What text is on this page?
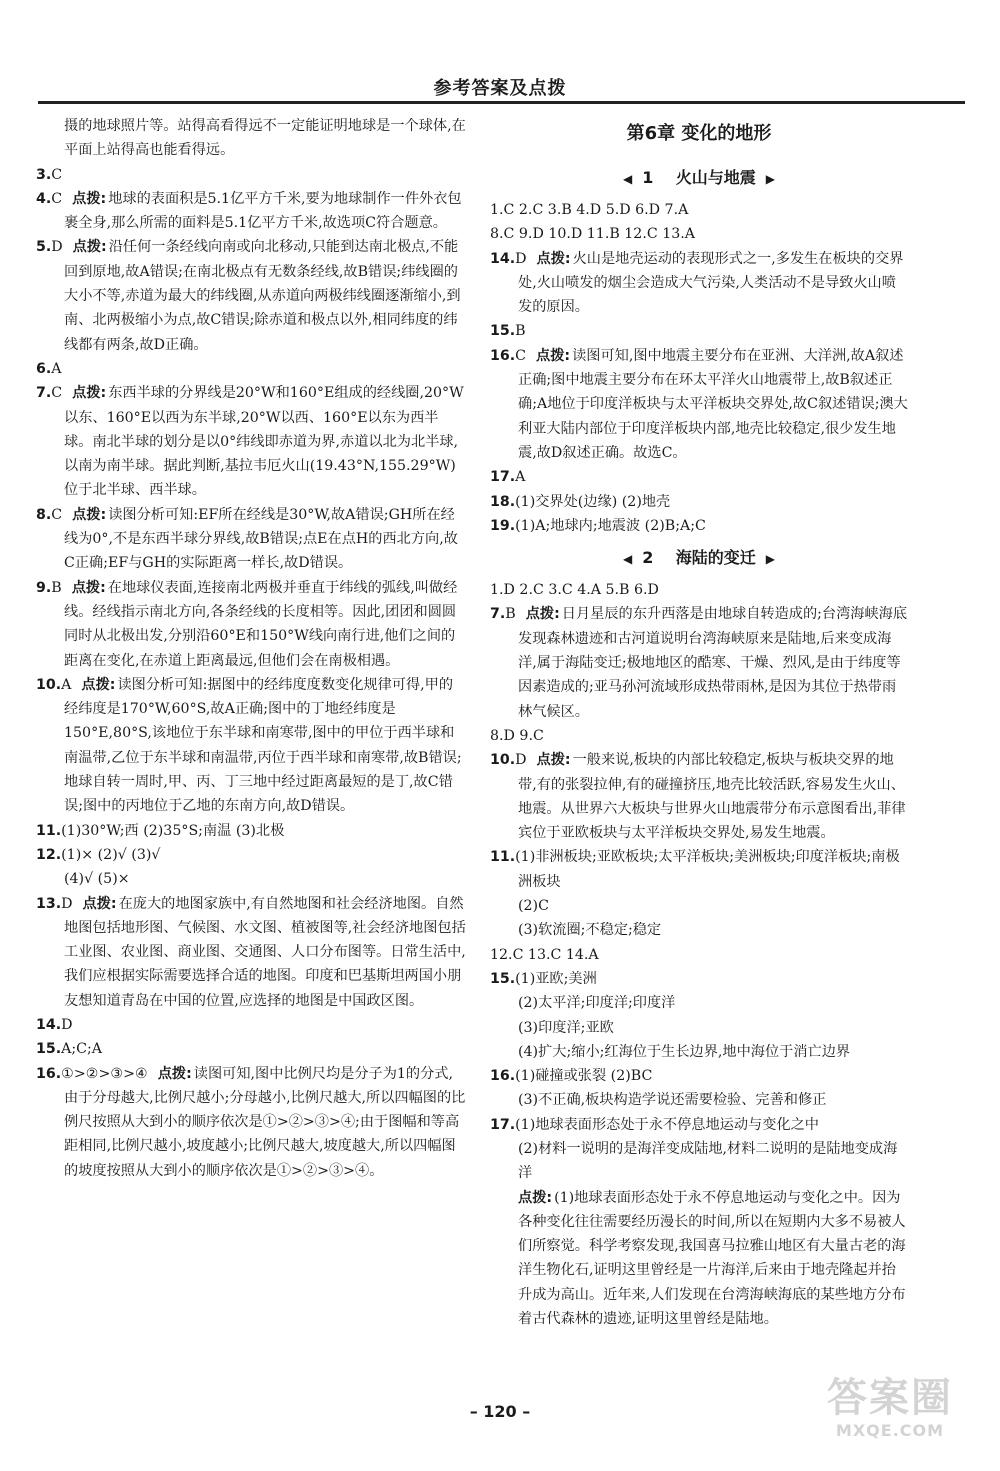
参考答案及点拨

摄的地球照片等。站得高看得远不一定能证明地球是一个球体,在平面上站得高也能看得远。

3.C

4.C 点拨: 地球的表面积是5.1亿平方千米,要为地球制作一件外衣包裹全身,那么所需的面料是5.1亿平方千米,故选项C符合题意。

5.D 点拨: 沿任何一条经线向南或向北移动,只能到达南北极点,不能回到原地,故A错误;在南北极点有无数条经线,故B错误;纬线圈的大小不等,赤道为最大的纬线圈,从赤道向两极纬线圈逐渐缩小,到南、北两极缩小为点,故C错误;除赤道和极点以外,相同纬度的纬线都有两条,故D正确。

6.A

7.C 点拨: 东西半球的分界线是20°W和160°E组成的经线圈,20°W以东、160°E以西为东半球,20°W以西、160°E以东为西半球。南北半球的划分是以0°纬线即赤道为界,赤道以北为北半球,以南为南半球。据此判断,基拉韦厄火山(19.43°N,155.29°W)位于北半球、西半球。

8.C 点拨: 读图分析可知:EF所在经线是30°W,故A错误;GH所在经线为0°,不是东西半球分界线,故B错误;点E在点H的西北方向,故C正确;EF与GH的实际距离一样长,故D错误。

9.B 点拨: 在地球仪表面,连接南北两极并垂直于纬线的弧线,叫做经线。经线指示南北方向,各条经线的长度相等。因此,团团和圆圆同时从北极出发,分别沿60°E和150°W线向南行进,他们之间的距离在变化,在赤道上距离最远,但他们会在南极相遇。

10.A 点拨: 读图分析可知:据图中的经纬度度数变化规律可得,甲的经纬度是170°W,60°S,故A正确;图中的丁地经纬度是150°E,80°S,该地位于东半球和南寒带,图中的甲位于西半球和南温带,乙位于东半球和南温带,丙位于西半球和南寒带,故B错误;地球自转一周时,甲、丙、丁三地中经过距离最短的是丁,故C错误;图中的丙地位于乙地的东南方向,故D错误。

11.(1)30°W;西 (2)35°S;南温 (3)北极

12.(1)× (2)√ (3)√

(4)√ (5)×

13.D 点拨: 在庞大的地图家族中,有自然地图和社会经济地图。自然地图包括地形图、气候图、水文图、植被图等,社会经济地图包括工业图、农业图、商业图、交通图、人口分布图等。日常生活中,我们应根据实际需要选择合适的地图。印度和巴基斯坦两国小朋友想知道青岛在中国的位置,应选择的地图是中国政区图。

14.D

15.A;C;A

16.①>②>③>④ 点拨: 读图可知,图中比例尺均是分子为1的分式,由于分母越大,比例尺越小;分母越小,比例尺越大,所以四幅图的比例尺按照从大到小的顺序依次是①>②>③>④;由于图幅和等高距相同,比例尺越小,坡度越小;比例尺越大,坡度越大,所以四幅图的坡度按照从大到小的顺序依次是①>②>③>④。

第6章 变化的地形
◀ 1 火山与地震 ▶

1.C 2.C 3.B 4.D 5.D 6.D 7.A

8.C 9.D 10.D 11.B 12.C 13.A

14.D 点拨: 火山是地壳运动的表现形式之一,多发生在板块的交界处,火山喷发的烟尘会造成大气污染,人类活动不是导致火山喷发的原因。

15.B

16.C 点拨: 读图可知,图中地震主要分布在亚洲、大洋洲,故A叙述正确;图中地震主要分布在环太平洋火山地震带上,故B叙述正确;A地位于印度洋板块与太平洋板块交界处,故C叙述错误;澳大利亚大陆内部位于印度洋板块内部,地壳比较稳定,很少发生地震,故D叙述正确。故选C。

17.A

18.(1)交界处(边缘) (2)地壳

19.(1)A;地球内;地震波 (2)B;A;C

◀ 2 海陆的变迁 ▶

1.D 2.C 3.C 4.A 5.B 6.D

7.B 点拨: 日月星辰的东升西落是由地球自转造成的;台湾海峡海底发现森林遗迹和古河道说明台湾海峡原来是陆地,后来变成海洋,属于海陆变迁;极地地区的酷寒、干燥、烈风,是由于纬度等因素造成的;亚马孙河流域形成热带雨林,是因为其位于热带雨林气候区。

8.D 9.C

10.D 点拨: 一般来说,板块的内部比较稳定,板块与板块交界的地带,有的张裂拉伸,有的碰撞挤压,地壳比较活跃,容易发生火山、地震。从世界六大板块与世界火山地震带分布示意图看出,菲律宾位于亚欧板块与太平洋板块交界处,易发生地震。

11.(1)非洲板块;亚欧板块;太平洋板块;美洲板块;印度洋板块;南极洲板块

(2)C

(3)软流圈;不稳定;稳定

12.C 13.C 14.A

15.(1)亚欧;美洲

(2)太平洋;印度洋;印度洋

(3)印度洋;亚欧

(4)扩大;缩小;红海位于生长边界,地中海位于消亡边界

16.(1)碰撞或张裂 (2)BC

(3)不正确,板块构造学说还需要检验、完善和修正

17.(1)地球表面形态处于永不停息地运动与变化之中

(2)材料一说明的是海洋变成陆地,材料二说明的是陆地变成海洋

点拨: (1)地球表面形态处于永不停息地运动与变化之中。因为各种变化往往需要经历漫长的时间,所以在短期内大多不易被人们所察觉。科学考察发现,我国喜马拉雅山地区有大量古老的海洋生物化石,证明这里曾经是一片海洋,后来由于地壳隆起并抬升成为高山。近年来,人们发现在台湾海峡海底的某些地方分布着古代森林的遗迹,证明这里曾经是陆地。

– 120 –	答案圈
MXQE.COM
